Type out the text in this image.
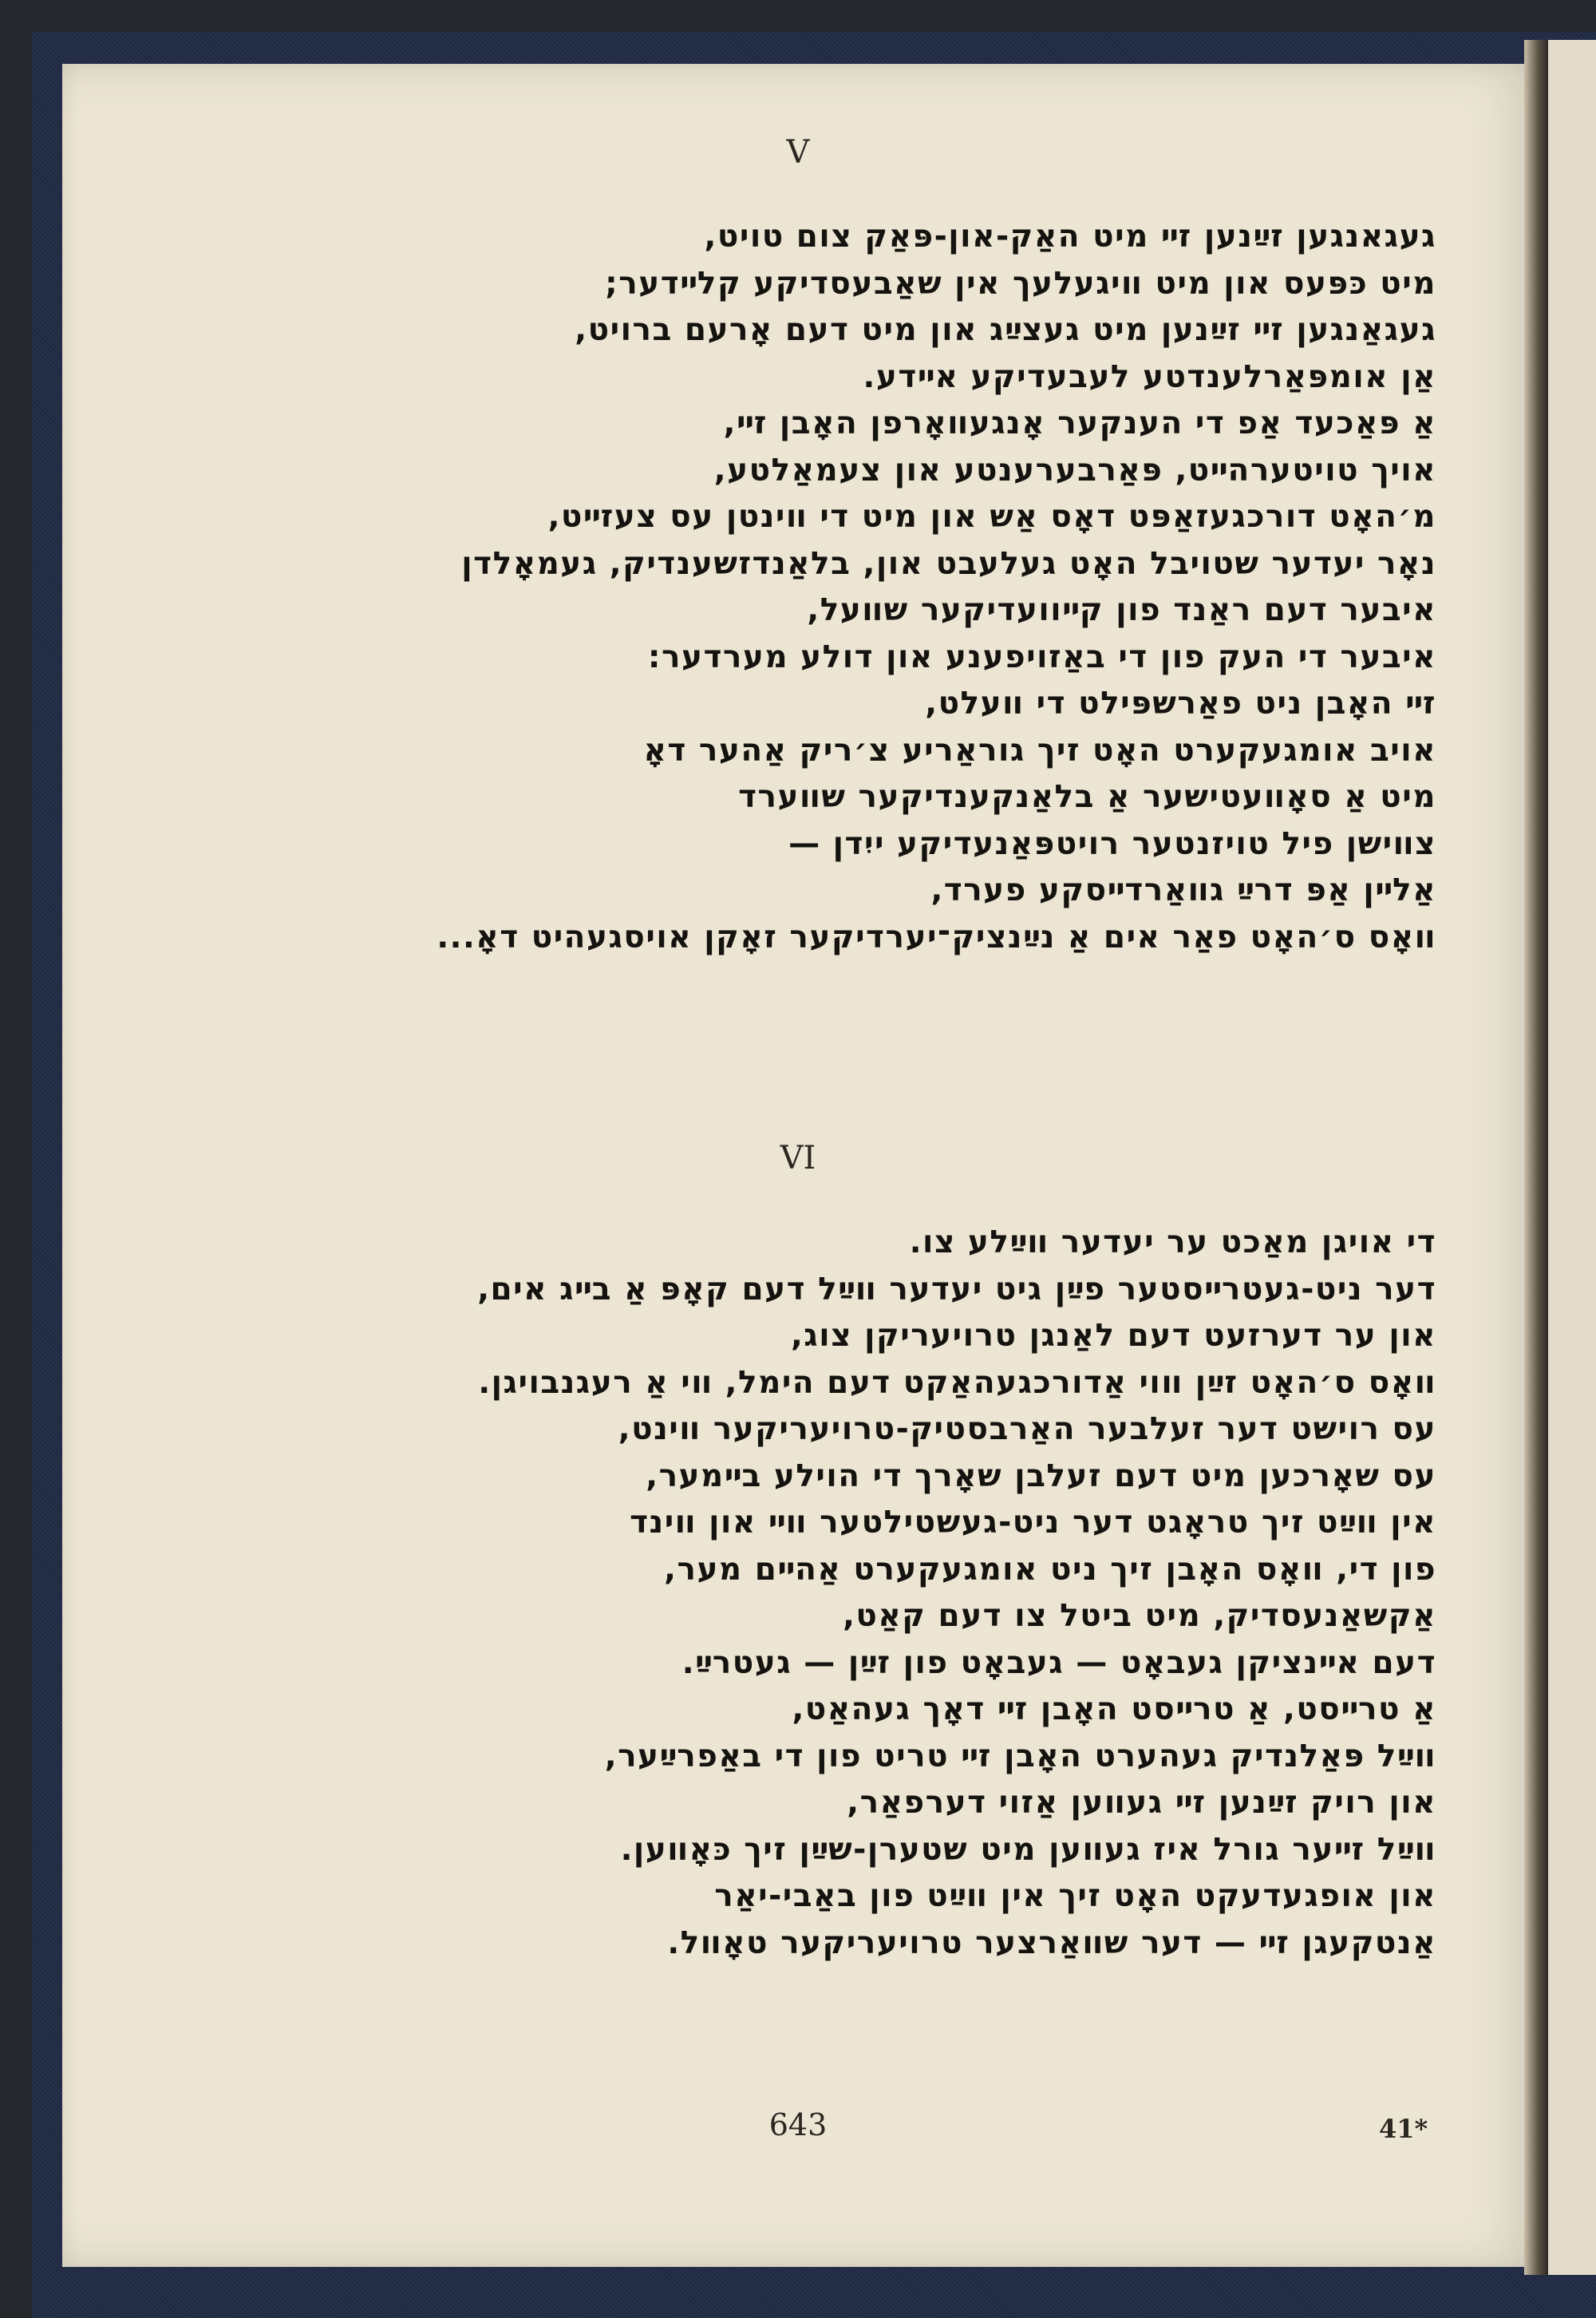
V
געגאנגען זײַנען זײ מיט האַק-און-פּאַק צום טויט,
מיט כּפּעס און מיט װיגעלעך אין שאַבעסדיקע קלײדער;
געגאַנגען זײ זײַנען מיט געצײַג און מיט דעם אָרעם ברויט,
אַן אומפּאַרלענדטע לעבעדיקע אײדע.
אַ פּאַכעד אַפ די הענקער אָנגעװאָרפן האָבן זײ,
אויך טויטערהײט, פּאַרבערענטע און צעמאַלטע,
מ׳האָט דורכגעזאַפּט דאָס אַש און מיט די װינטן עס צעזײט,
נאָר יעדער שטויבל האָט געלעבט און, בלאַנדזשענדיק, געמאָלדן
איבער דעם ראַנד פון קײוועדיקער שװעל,
איבער די העק פון די באַזויפענע און דולע מערדער:
זײ האָבן ניט פאַרשפּילט די װעלט,
אויב אומגעקערט האָט זיך גוראַריע צ׳ריק אַהער דאָ
מיט אַ סאָװעטישער אַ בלאַנקענדיקער שװערד
צװישן פיל טויזנטער רויטפּאַנעדיקע ייִדן —
אַלײן אַפּ דרײַ גװאַרדײסקע פערד,
װאָס ס׳האָט פאַר אים אַ נײַנציק־יערדיקער זאָקן אויסגעהיט דאָ...
VI
די אויגן מאַכט ער יעדער װײַלע צו.
דער ניט-געטרײסטער פײַן גיט יעדער װײַל דעם קאָפּ אַ בײג אים,
און ער דערזעט דעם לאַנגן טרויעריקן צוג,
װאָס ס׳האָט זײַן װוי אַדורכגעהאַקט דעם הימל, װי אַ רעגנבויגן.
עס רוישט דער זעלבער האַרבסטיק-טרויעריקער װינט,
עס שאָרכען מיט דעם זעלבן שאָרך די הוילע בײמער,
אין װײַט זיך טראָגט דער ניט-געשטילטער װײ און װינד
פון די, װאָס האָבן זיך ניט אומגעקערט אַהײם מער,
אַקשאַנעסדיק, מיט ביטל צו דעם קאַט,
דעם אײנציקן געבאָט — געבאָט פון זײַן — געטרײַ.
אַ טרײסט, אַ טרײסט האָבן זײ דאָך געהאַט,
װײַל פּאַלנדיק געהערט האָבן זײ טריט פון די באַפרײַער,
און רויק זײַנען זײ געװען אַזוי דערפאַר,
װײַל זײער גורל איז געװען מיט שטערן-שײַן זיך כּאָװען.
און אופגעדעקט האָט זיך אין װײַט פון באַבי-יאַר
אַנטקעגן זײ — דער שװאַרצער טרויעריקער טאָװל.
643	41*
